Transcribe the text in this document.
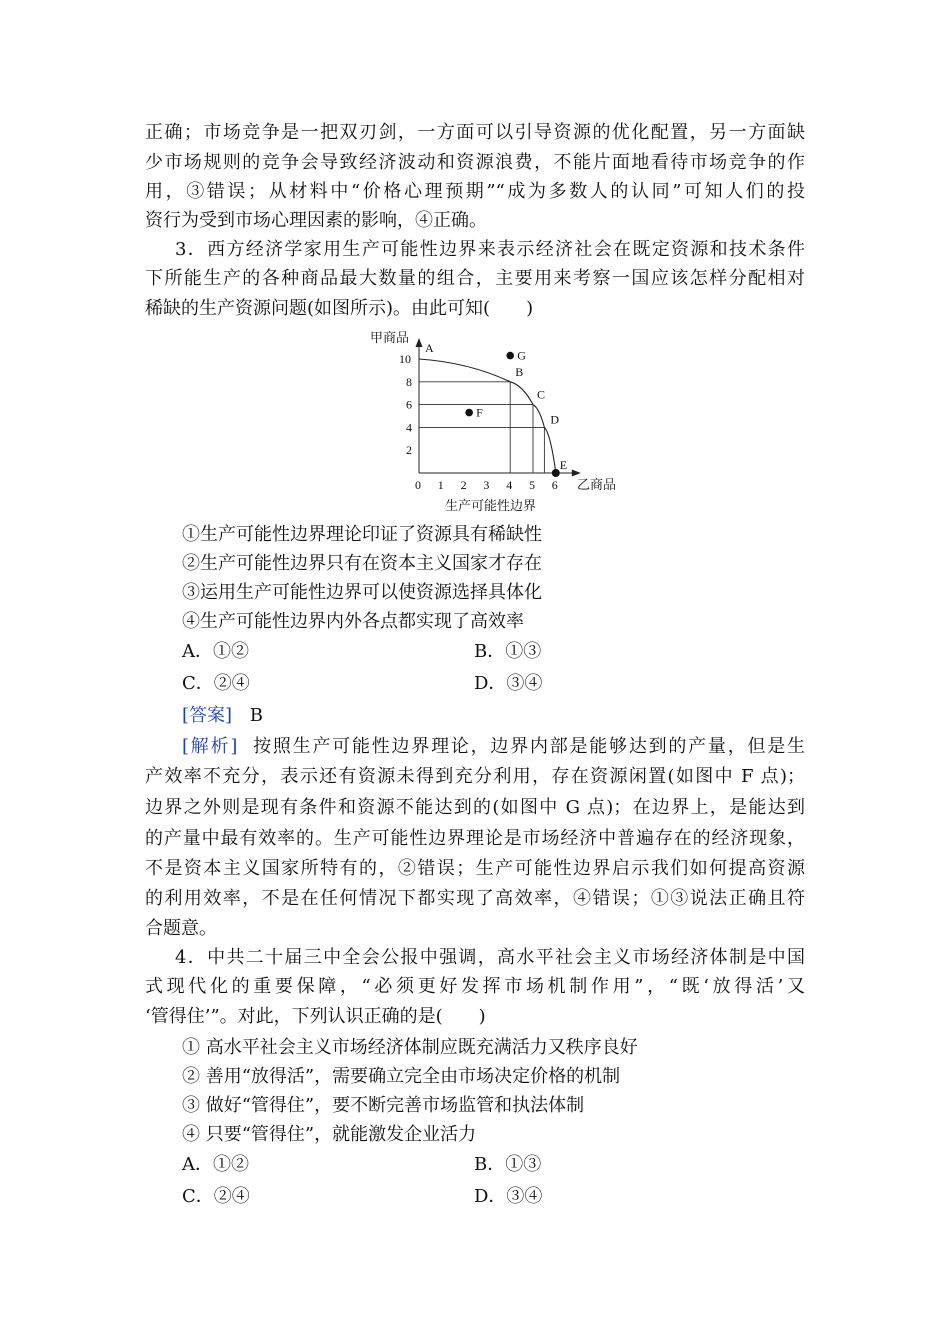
正确；市场竞争是一把双刃剑，一方面可以引导资源的优化配置，另一方面缺
少市场规则的竞争会导致经济波动和资源浪费，不能片面地看待市场竞争的作
用，③错误；从材料中“价格心理预期”“成为多数人的认同”可知人们的投
资行为受到市场心理因素的影响，④正确。
3．西方经济学家用生产可能性边界来表示经济社会在既定资源和技术条件
下所能生产的各种商品最大数量的组合，主要用来考察一国应该怎样分配相对
稀缺的生产资源问题(如图所示)。由此可知(　　)
甲商品
乙商品
生产可能性边界
0 1 2 3 4 5 6
2
4
6
8
10
A
B
C
D
E
G
F
①生产可能性边界理论印证了资源具有稀缺性
②生产可能性边界只有在资本主义国家才存在
③运用生产可能性边界可以使资源选择具体化
④生产可能性边界内外各点都实现了高效率
A．①②	B．①③
C．②④	D．③④
[答案] B
[解析] 按照生产可能性边界理论，边界内部是能够达到的产量，但是生
产效率不充分，表示还有资源未得到充分利用，存在资源闲置(如图中 F 点)；
边界之外则是现有条件和资源不能达到的(如图中 G 点)；在边界上，是能达到
的产量中最有效率的。生产可能性边界理论是市场经济中普遍存在的经济现象，
不是资本主义国家所特有的，②错误；生产可能性边界启示我们如何提高资源
的利用效率，不是在任何情况下都实现了高效率，④错误；①③说法正确且符
合题意。
4．中共二十届三中全会公报中强调，高水平社会主义市场经济体制是中国
式现代化的重要保障，“必须更好发挥市场机制作用”，“既‘放得活’又
‘管得住’”。对此，下列认识正确的是(　　)
① 高水平社会主义市场经济体制应既充满活力又秩序良好
② 善用“放得活”，需要确立完全由市场决定价格的机制
③ 做好“管得住”，要不断完善市场监管和执法体制
④ 只要“管得住”，就能激发企业活力
A．①②	B．①③
C．②④	D．③④
